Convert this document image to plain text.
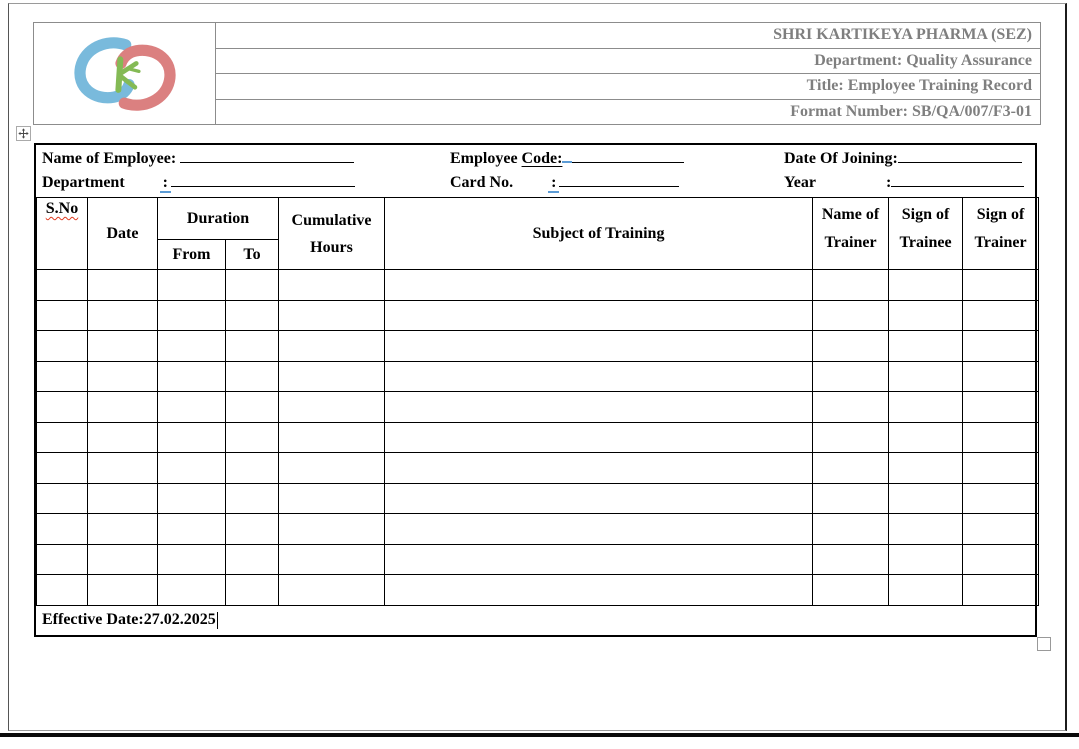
SHRI KARTIKEYA PHARMA (SEZ)
Department: Quality Assurance
Title: Employee Training Record
Format Number: SB/QA/007/F3-01
Name of Employee:	Employee Code:	Date Of Joining:
Department :	Card No. :	Year	:
S.No	Date	Duration		Cumulative Hours	Subject of Training	Name of Trainer	Sign of Trainee	Sign of Trainer
		From	To					

Effective Date:27.02.2025
